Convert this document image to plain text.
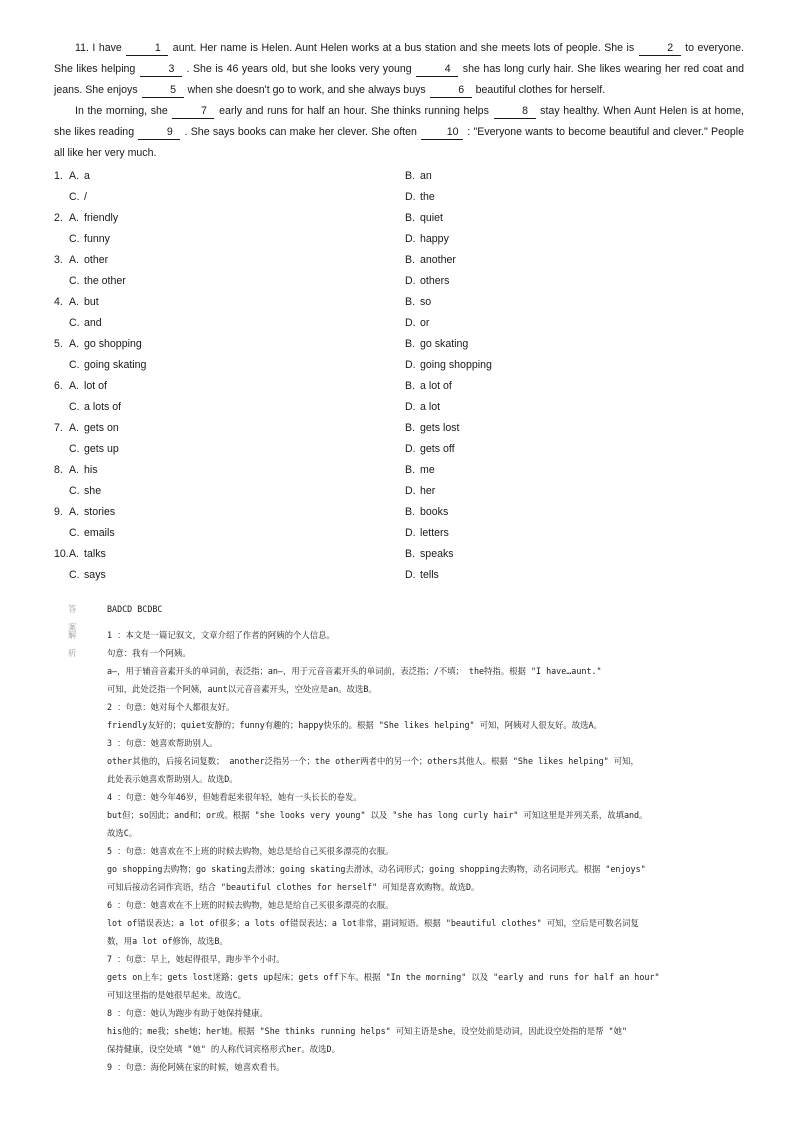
11. I have	1 aunt. Her name is Helen. Aunt Helen works at a bus station and she meets lots of people. She is	2 to everyone. She likes helping	3 . She is 46 years old, but she looks very young	4 she has long curly hair. She likes wearing her red coat and jeans. She enjoys	5 when she doesn't go to work, and she always buys	6 beautiful clothes for herself.

In the morning, she	7 early and runs for half an hour. She thinks running helps	8 stay healthy. When Aunt Helen is at home, she likes reading	9 . She says books can make her clever. She often	10 : "Everyone wants to become beautiful and clever." People all like her very much.

1. A. a	B. an
C. /	D. the
2. A. friendly	B. quiet
C. funny	D. happy
3. A. other	B. another
C. the other	D. others
4. A. but	B. so
C. and	D. or
5. A. go shopping	B. go skating
C. going skating	D. going shopping
6. A. lot of	B. a lot of
C. a lots of	D. a lot
7. A. gets on	B. gets lost
C. gets up	D. gets off
8. A. his	B. me
C. she	D. her
9. A. stories	B. books
C. emails	D. letters
10. A. talks	B. speaks
C. says	D. tells
答案
BADCD BCDBC
解析
1 ：本文是一篇记叙文，文章介绍了作者的阿姨的个人信息。
句意：我有一个阿姨。
a—，用于辅音音素开头的单词前，表泛指；an—，用于元音音素开头的单词前，表泛指；/不填； the特指。根据 "I have…aunt."
可知，此处泛指一个阿姨，aunt以元音音素开头，空处应是an。故选B。
2 ：句意：她对每个人都很友好。
friendly友好的；quiet安静的；funny有趣的；happy快乐的。根据 "She likes helping" 可知，阿姨对人很友好。故选A。
3 ：句意：她喜欢帮助别人。
other其他的，后接名词复数； another泛指另一个；the other两者中的另一个；others其他人。根据 "She likes helping" 可知，
此处表示她喜欢帮助别人。故选D。
4 ：句意：她今年46岁，但她看起来很年轻，她有一头长长的卷发。
but但；so因此；and和；or或。根据 "she looks very young" 以及 "she has long curly hair" 可知这里是并列关系，故填and。
故选C。
5 ：句意：她喜欢在不上班的时候去购物，她总是给自己买很多漂亮的衣服。
go shopping去购物；go skating去滑冰；going skating去滑冰，动名词形式；going shopping去购物，动名词形式。根据 "enjoys"
可知后接动名词作宾语，结合 "beautiful clothes for herself" 可知是喜欢购物。故选D。
6 ：句意：她喜欢在不上班的时候去购物，她总是给自己买很多漂亮的衣服。
lot of错误表达；a lot of很多；a lots of错误表达；a lot非常，副词短语。根据 "beautiful clothes" 可知，空后是可数名词复
数，用a lot of修饰，故选B。
7 ：句意：早上，她起得很早，跑步半个小时。
gets on上车；gets lost迷路；gets up起床；gets off下车。根据 "In the morning" 以及 "early and runs for half an hour"
可知这里指的是她很早起来。故选C。
8 ：句意：她认为跑步有助于她保持健康。
his他的；me我；she她；her她。根据 "She thinks running helps" 可知主语是she，设空处前是动词，因此设空处指的是帮 "她"
保持健康，设空处填 "她" 的人称代词宾格形式her。故选D。
9 ：句意：海伦阿姨在家的时候，她喜欢看书。
